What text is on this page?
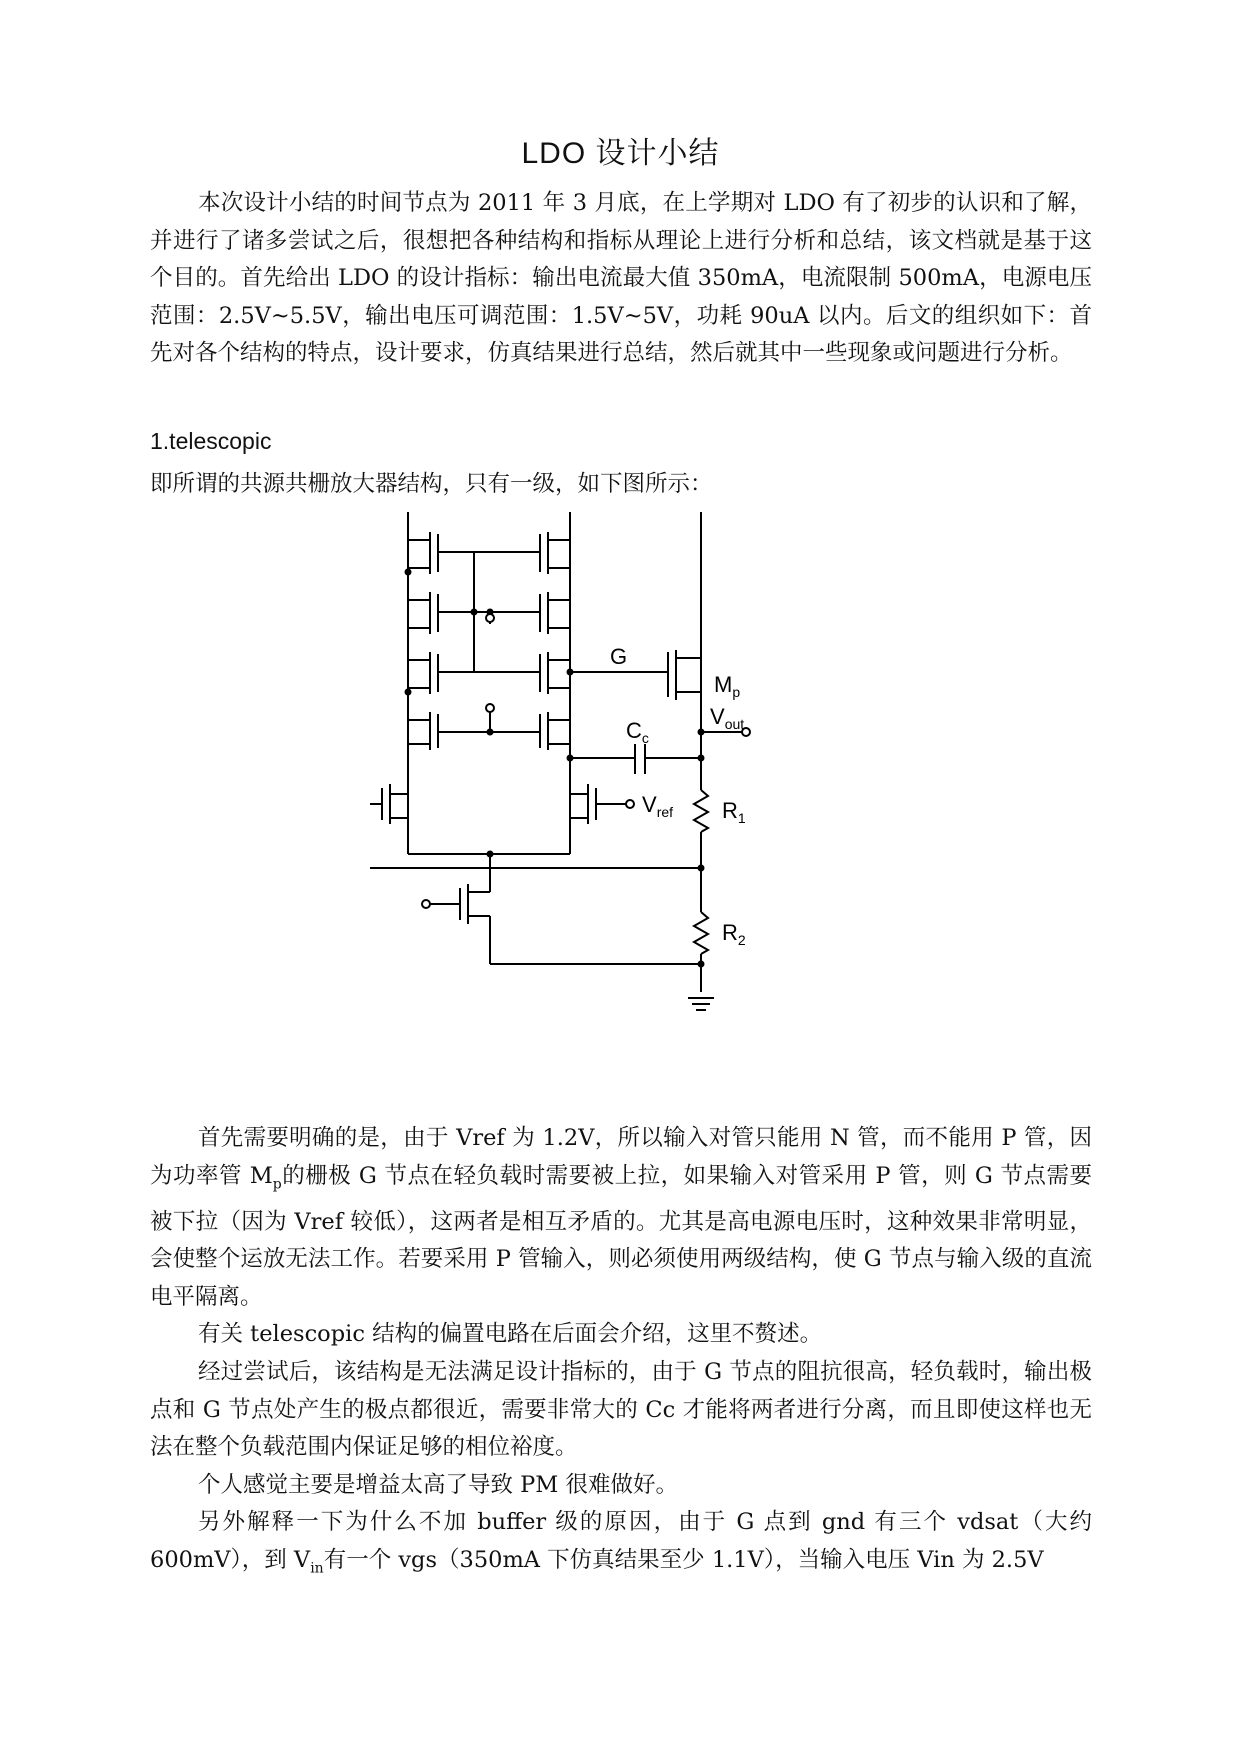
LDO 设计小结

本次设计小结的时间节点为 2011 年 3 月底，在上学期对 LDO 有了初步的认识和了解，并进行了诸多尝试之后，很想把各种结构和指标从理论上进行分析和总结，该文档就是基于这个目的。首先给出 LDO 的设计指标：输出电流最大值 350mA，电流限制 500mA，电源电压范围：2.5V~5.5V，输出电压可调范围：1.5V~5V，功耗 90uA 以内。后文的组织如下：首先对各个结构的特点，设计要求，仿真结果进行总结，然后就其中一些现象或问题进行分析。

1.telescopic

即所谓的共源共栅放大器结构，只有一级，如下图所示：

G
$M_p$
$V_{out}$
$C_c$
$V_{ref}$ $R_1$
$R_2$

首先需要明确的是，由于 Vref 为 1.2V，所以输入对管只能用 N 管，而不能用 P 管，因为功率管 $M_p$的栅极 G 节点在轻负载时需要被上拉，如果输入对管采用 P 管，则 G 节点需要被下拉（因为 Vref 较低），这两者是相互矛盾的。尤其是高电源电压时，这种效果非常明显，会使整个运放无法工作。若要采用 P 管输入，则必须使用两级结构，使 G 节点与输入级的直流电平隔离。

有关 telescopic 结构的偏置电路在后面会介绍，这里不赘述。

经过尝试后，该结构是无法满足设计指标的，由于 G 节点的阻抗很高，轻负载时，输出极点和 G 节点处产生的极点都很近，需要非常大的 Cc 才能将两者进行分离，而且即使这样也无法在整个负载范围内保证足够的相位裕度。

个人感觉主要是增益太高了导致 PM 很难做好。

另外解释一下为什么不加 buffer 级的原因，由于 G 点到 gnd 有三个 vdsat（大约 600mV），到 $V_{in}$有一个 vgs（350mA 下仿真结果至少 1.1V），当输入电压 Vin 为 2.5V
